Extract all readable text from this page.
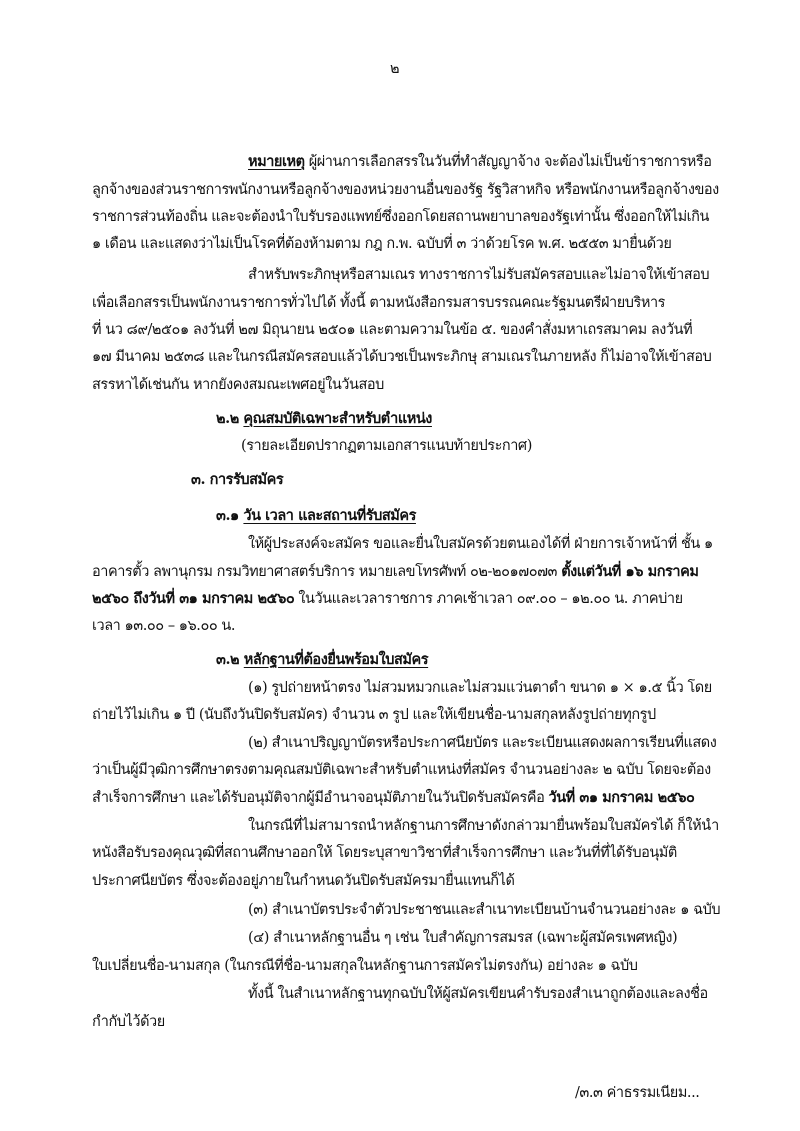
๒
หมายเหตุ ผู้ผ่านการเลือกสรรในวันที่ทำสัญญาจ้าง จะต้องไม่เป็นข้าราชการหรือ
ลูกจ้างของส่วนราชการพนักงานหรือลูกจ้างของหน่วยงานอื่นของรัฐ รัฐวิสาหกิจ หรือพนักงานหรือลูกจ้างของ
ราชการส่วนท้องถิ่น และจะต้องนำใบรับรองแพทย์ซึ่งออกโดยสถานพยาบาลของรัฐเท่านั้น ซึ่งออกให้ไม่เกิน
๑ เดือน และแสดงว่าไม่เป็นโรคที่ต้องห้ามตาม กฎ ก.พ. ฉบับที่ ๓ ว่าด้วยโรค พ.ศ. ๒๕๕๓ มายื่นด้วย
สำหรับพระภิกษุหรือสามเณร ทางราชการไม่รับสมัครสอบและไม่อาจให้เข้าสอบ
เพื่อเลือกสรรเป็นพนักงานราชการทั่วไปได้ ทั้งนี้ ตามหนังสือกรมสารบรรณคณะรัฐมนตรีฝ่ายบริหาร
ที่ นว ๘๙/๒๕๐๑ ลงวันที่ ๒๗ มิถุนายน ๒๕๐๑ และตามความในข้อ ๕. ของคำสั่งมหาเถรสมาคม ลงวันที่
๑๗ มีนาคม ๒๕๓๘ และในกรณีสมัครสอบแล้วได้บวชเป็นพระภิกษุ สามเณรในภายหลัง ก็ไม่อาจให้เข้าสอบ
สรรหาได้เช่นกัน หากยังคงสมณะเพศอยู่ในวันสอบ
๒.๒ คุณสมบัติเฉพาะสำหรับตำแหน่ง
(รายละเอียดปรากฏตามเอกสารแนบท้ายประกาศ)
๓. การรับสมัคร
๓.๑ วัน เวลา และสถานที่รับสมัคร
ให้ผู้ประสงค์จะสมัคร ขอและยื่นใบสมัครด้วยตนเองได้ที่ ฝ่ายการเจ้าหน้าที่ ชั้น ๑
อาคารตั้ว ลพานุกรม กรมวิทยาศาสตร์บริการ หมายเลขโทรศัพท์ ๐๒-๒๐๑๗๐๗๓ ตั้งแต่วันที่ ๑๖ มกราคม
๒๕๖๐ ถึงวันที่ ๓๑ มกราคม ๒๕๖๐ ในวันและเวลาราชการ ภาคเช้าเวลา ๐๙.๐๐ – ๑๒.๐๐ น. ภาคบ่าย
เวลา ๑๓.๐๐ – ๑๖.๐๐ น.
๓.๒ หลักฐานที่ต้องยื่นพร้อมใบสมัคร
(๑) รูปถ่ายหน้าตรง ไม่สวมหมวกและไม่สวมแว่นตาดำ ขนาด ๑ × ๑.๕ นิ้ว โดย
ถ่ายไว้ไม่เกิน ๑ ปี (นับถึงวันปิดรับสมัคร) จำนวน ๓ รูป และให้เขียนชื่อ-นามสกุลหลังรูปถ่ายทุกรูป
(๒) สำเนาปริญญาบัตรหรือประกาศนียบัตร และระเบียนแสดงผลการเรียนที่แสดง
ว่าเป็นผู้มีวุฒิการศึกษาตรงตามคุณสมบัติเฉพาะสำหรับตำแหน่งที่สมัคร จำนวนอย่างละ ๒ ฉบับ โดยจะต้อง
สำเร็จการศึกษา และได้รับอนุมัติจากผู้มีอำนาจอนุมัติภายในวันปิดรับสมัครคือ วันที่ ๓๑ มกราคม ๒๕๖๐
ในกรณีที่ไม่สามารถนำหลักฐานการศึกษาดังกล่าวมายื่นพร้อมใบสมัครได้ ก็ให้นำ
หนังสือรับรองคุณวุฒิที่สถานศึกษาออกให้ โดยระบุสาขาวิชาที่สำเร็จการศึกษา และวันที่ที่ได้รับอนุมัติ
ประกาศนียบัตร ซึ่งจะต้องอยู่ภายในกำหนดวันปิดรับสมัครมายื่นแทนก็ได้
(๓) สำเนาบัตรประจำตัวประชาชนและสำเนาทะเบียนบ้านจำนวนอย่างละ ๑ ฉบับ
(๔) สำเนาหลักฐานอื่น ๆ เช่น ใบสำคัญการสมรส (เฉพาะผู้สมัครเพศหญิง)
ใบเปลี่ยนชื่อ-นามสกุล (ในกรณีที่ชื่อ-นามสกุลในหลักฐานการสมัครไม่ตรงกัน) อย่างละ ๑ ฉบับ
ทั้งนี้ ในสำเนาหลักฐานทุกฉบับให้ผู้สมัครเขียนคำรับรองสำเนาถูกต้องและลงชื่อ
กำกับไว้ด้วย
/๓.๓ ค่าธรรมเนียม...
